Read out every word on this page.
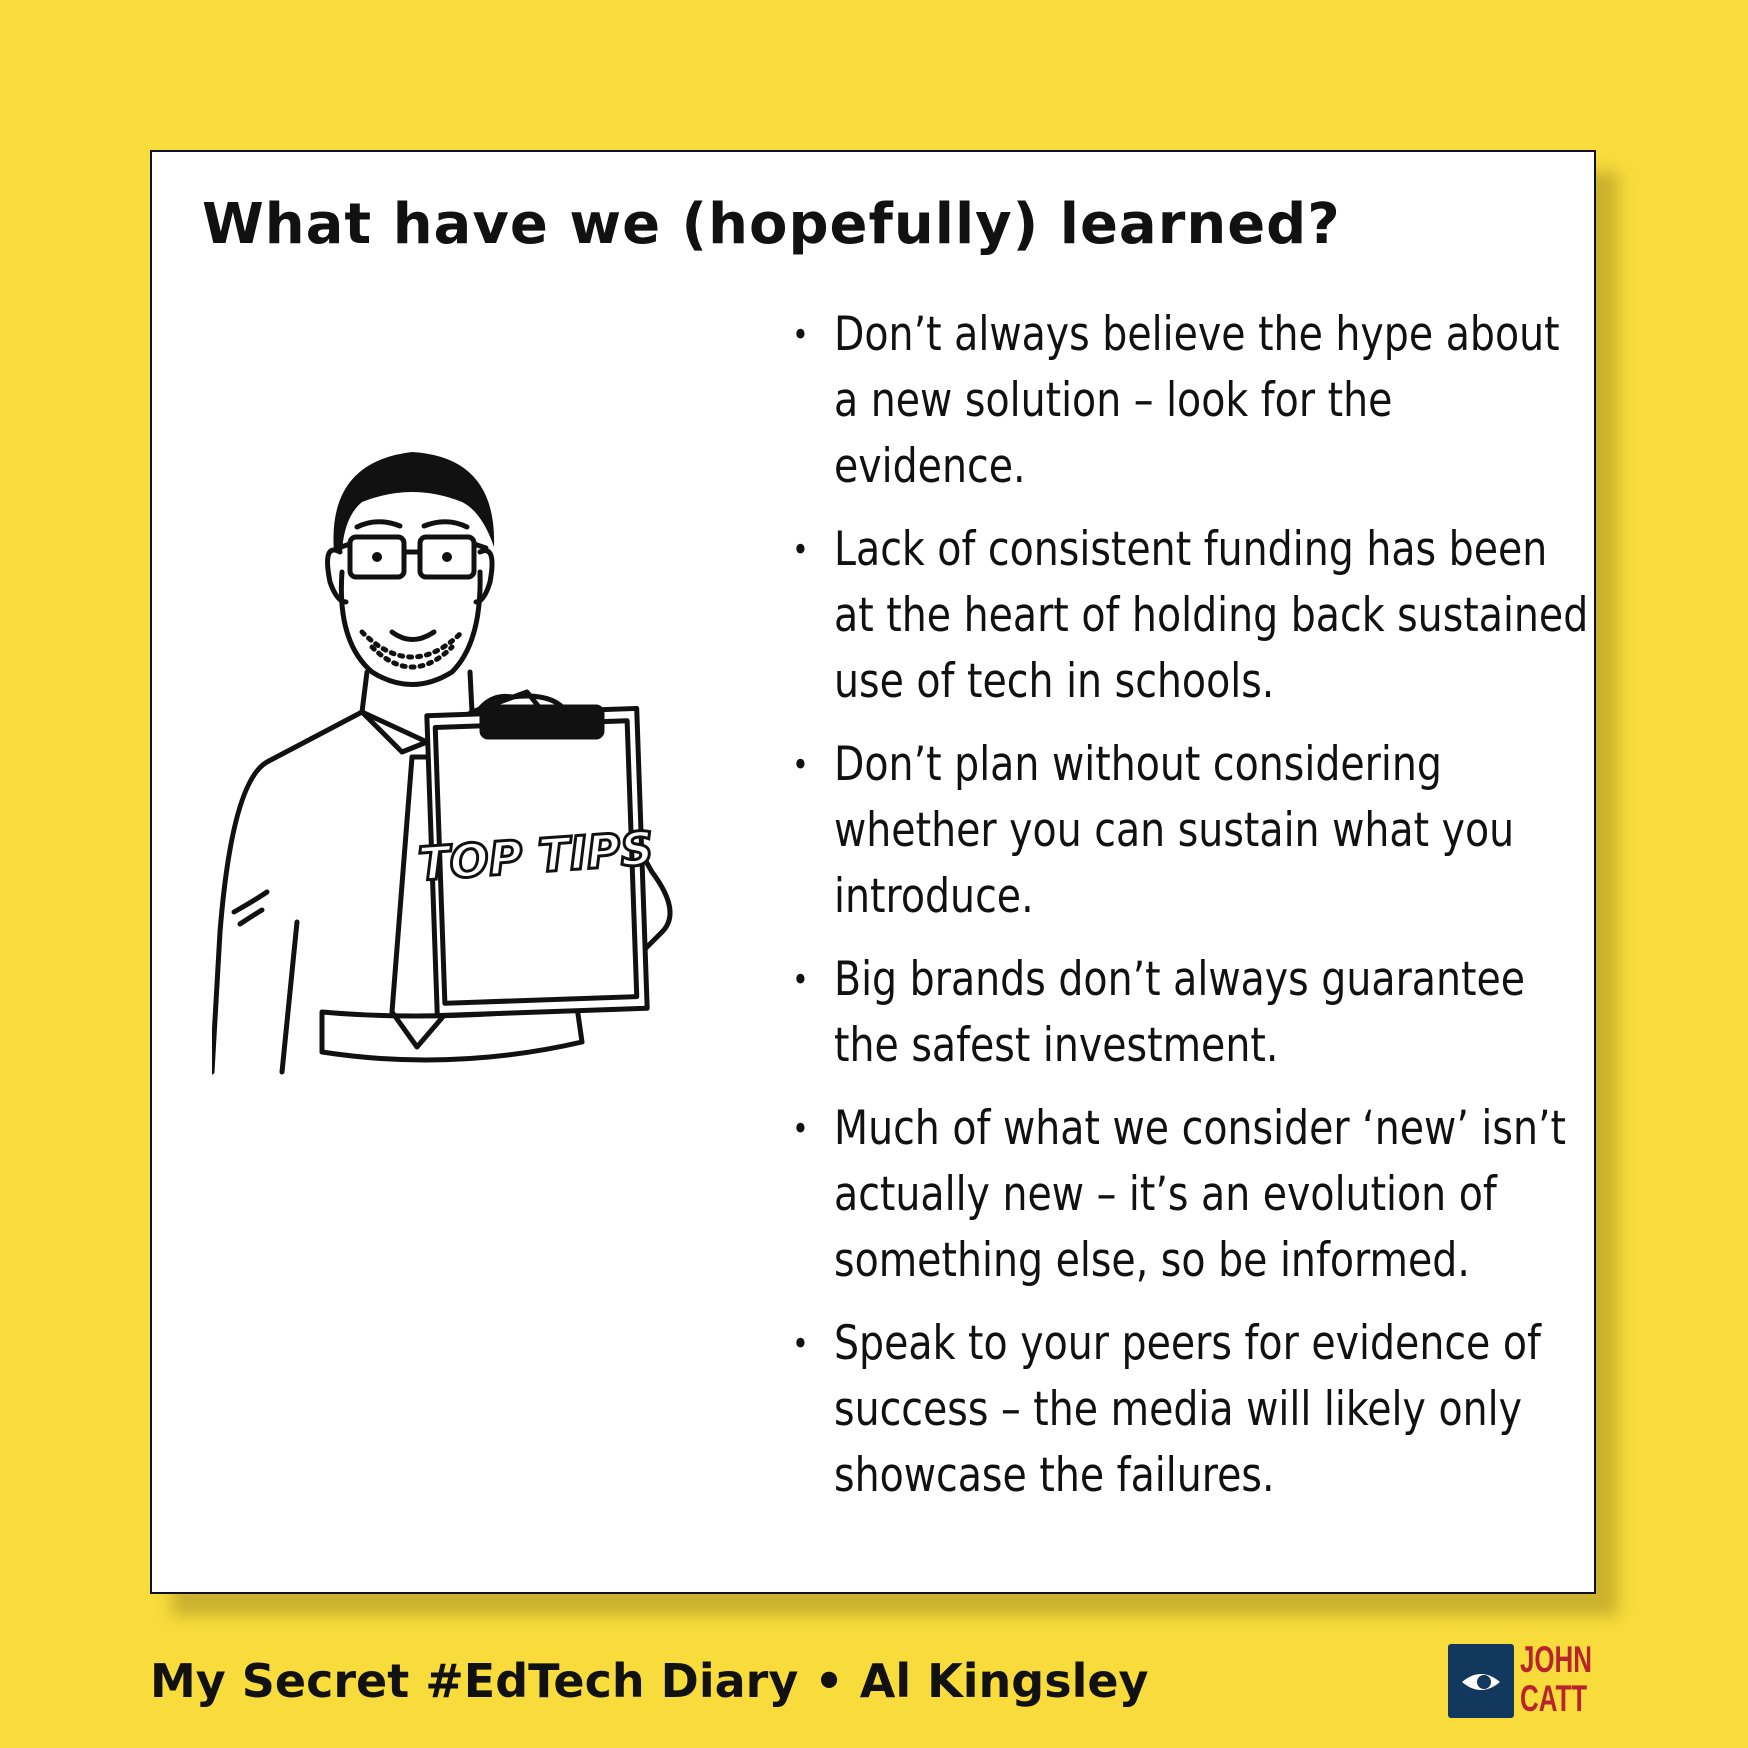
What have we (hopefully) learned?
TOP TIPS
• Don’t always believe the hype about a new solution – look for the evidence.
• Lack of consistent funding has been at the heart of holding back sustained use of tech in schools.
• Don’t plan without considering whether you can sustain what you introduce.
• Big brands don’t always guarantee the safest investment.
• Much of what we consider ‘new’ isn’t actually new – it’s an evolution of something else, so be informed.
• Speak to your peers for evidence of success – the media will likely only showcase the failures.

My Secret #EdTech Diary • Al Kingsley	JOHN CATT
